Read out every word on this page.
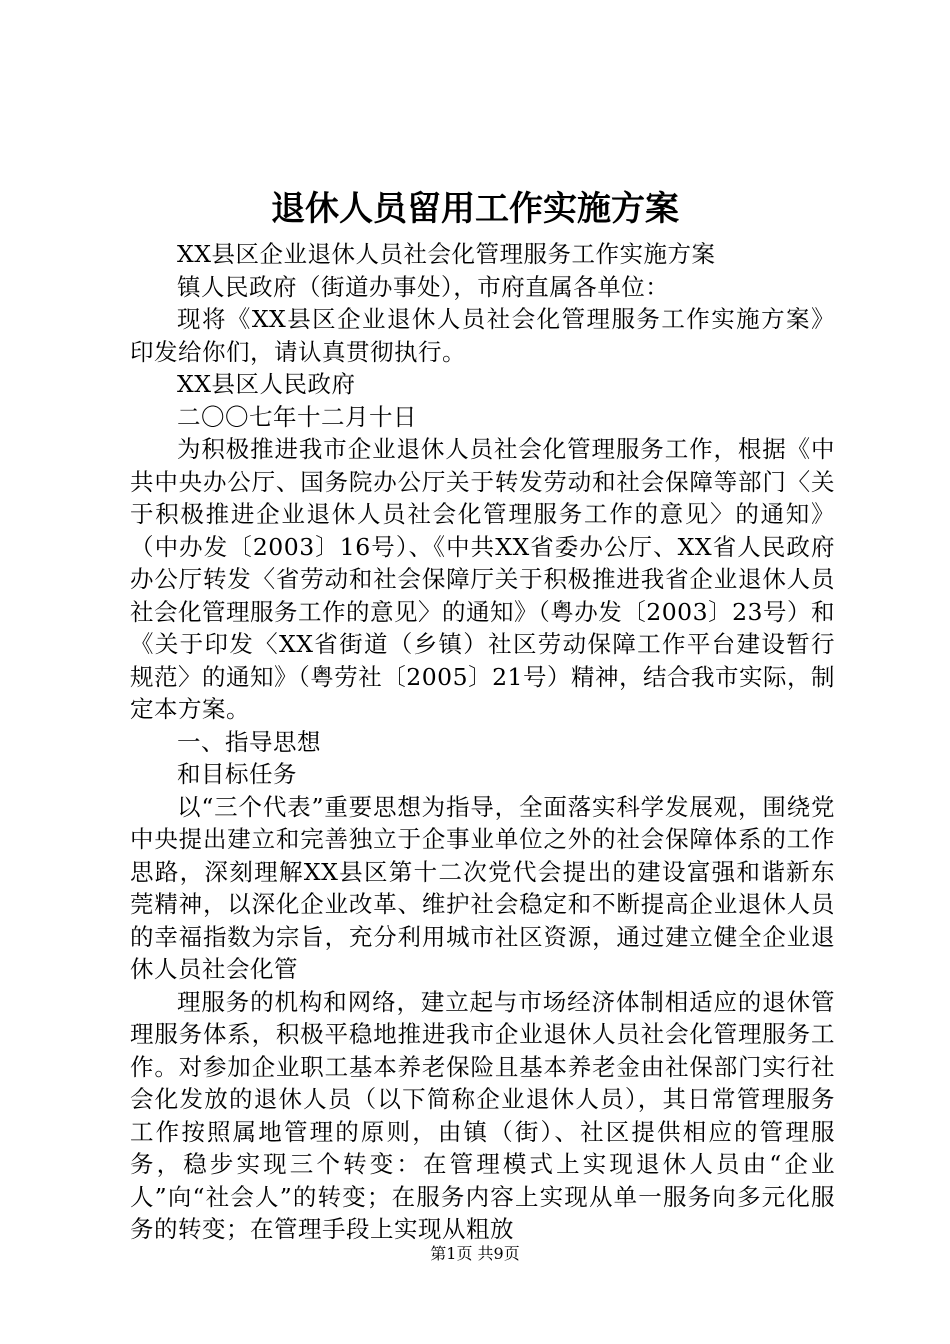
退休人员留用工作实施方案

XX县区企业退休人员社会化管理服务工作实施方案

镇人民政府（街道办事处），市府直属各单位：

现将《XX县区企业退休人员社会化管理服务工作实施方案》印发给你们，请认真贯彻执行。

XX县区人民政府

二〇〇七年十二月十日

为积极推进我市企业退休人员社会化管理服务工作，根据《中共中央办公厅、国务院办公厅关于转发劳动和社会保障等部门〈关于积极推进企业退休人员社会化管理服务工作的意见〉的通知》（中办发〔2003〕16号）、《中共XX省委办公厅、XX省人民政府办公厅转发〈省劳动和社会保障厅关于积极推进我省企业退休人员社会化管理服务工作的意见〉的通知》（粤办发〔2003〕23号）和《关于印发〈XX省街道（乡镇）社区劳动保障工作平台建设暂行规范〉的通知》（粤劳社〔2005〕21号）精神，结合我市实际，制定本方案。

一、指导思想

和目标任务

以“三个代表”重要思想为指导，全面落实科学发展观，围绕党中央提出建立和完善独立于企事业单位之外的社会保障体系的工作思路，深刻理解XX县区第十二次党代会提出的建设富强和谐新东莞精神，以深化企业改革、维护社会稳定和不断提高企业退休人员的幸福指数为宗旨，充分利用城市社区资源，通过建立健全企业退休人员社会化管

理服务的机构和网络，建立起与市场经济体制相适应的退休管理服务体系，积极平稳地推进我市企业退休人员社会化管理服务工作。对参加企业职工基本养老保险且基本养老金由社保部门实行社会化发放的退休人员（以下简称企业退休人员），其日常管理服务工作按照属地管理的原则，由镇（街）、社区提供相应的管理服务，稳步实现三个转变：在管理模式上实现退休人员由“企业人”向“社会人”的转变；在服务内容上实现从单一服务向多元化服务的转变；在管理手段上实现从粗放

第1页 共9页
